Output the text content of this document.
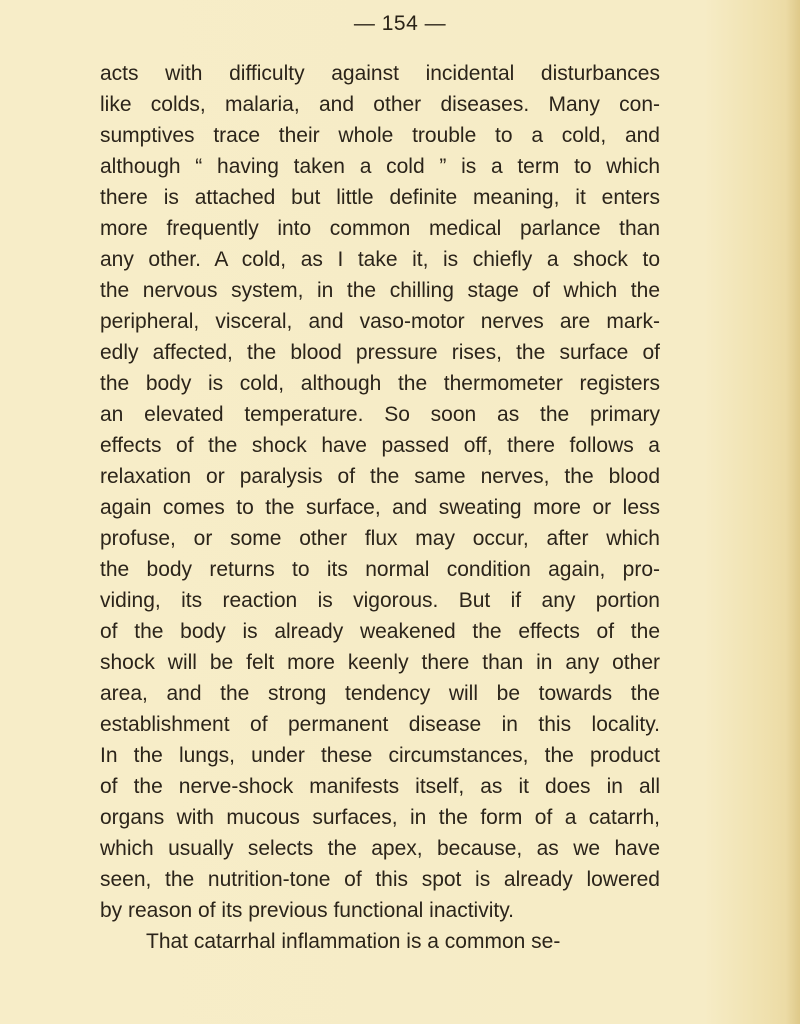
— 154 —
acts with difficulty against incidental disturbances
like colds, malaria, and other diseases. Many con-
sumptives trace their whole trouble to a cold, and
although “ having taken a cold ” is a term to which
there is attached but little definite meaning, it enters
more frequently into common medical parlance than
any other. A cold, as I take it, is chiefly a shock to
the nervous system, in the chilling stage of which the
peripheral, visceral, and vaso-motor nerves are mark-
edly affected, the blood pressure rises, the surface of
the body is cold, although the thermometer registers
an elevated temperature. So soon as the primary
effects of the shock have passed off, there follows a
relaxation or paralysis of the same nerves, the blood
again comes to the surface, and sweating more or less
profuse, or some other flux may occur, after which
the body returns to its normal condition again, pro-
viding, its reaction is vigorous. But if any portion
of the body is already weakened the effects of the
shock will be felt more keenly there than in any other
area, and the strong tendency will be towards the
establishment of permanent disease in this locality.
In the lungs, under these circumstances, the product
of the nerve-shock manifests itself, as it does in all
organs with mucous surfaces, in the form of a catarrh,
which usually selects the apex, because, as we have
seen, the nutrition-tone of this spot is already lowered
by reason of its previous functional inactivity.
That catarrhal inflammation is a common se-
